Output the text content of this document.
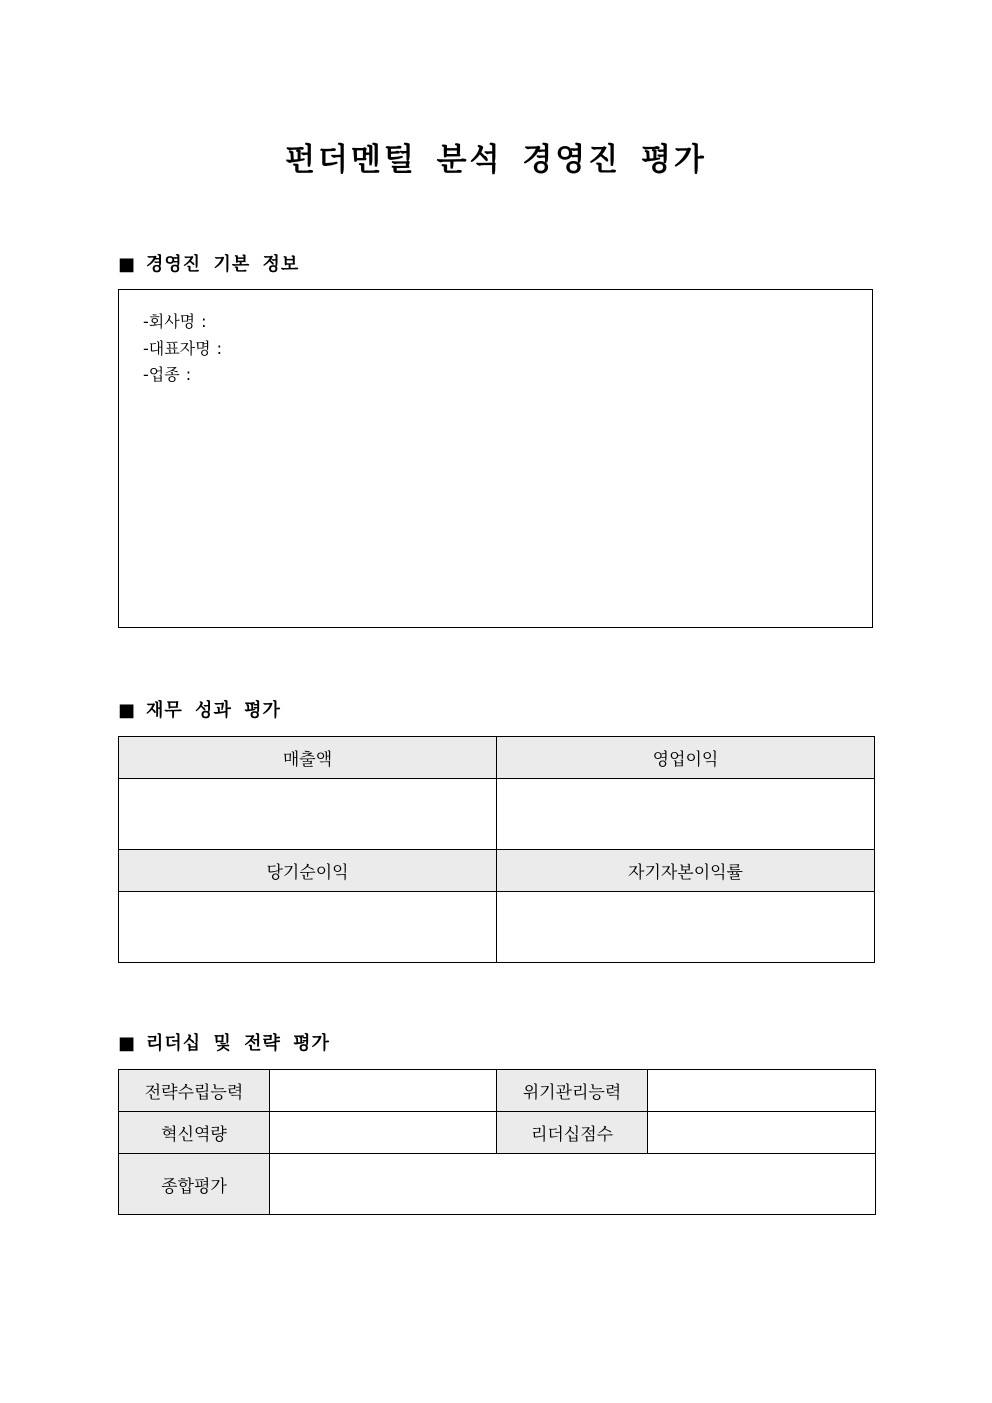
펀더멘털 분석 경영진 평가
■ 경영진 기본 정보
-회사명 :
-대표자명 :
-업종 :
■ 재무 성과 평가
매출액	영업이익

당기순이익	자기자본이익률

■ 리더십 및 전략 평가
전략수립능력		위기관리능력	
혁신역량		리더십점수	
종합평가			
